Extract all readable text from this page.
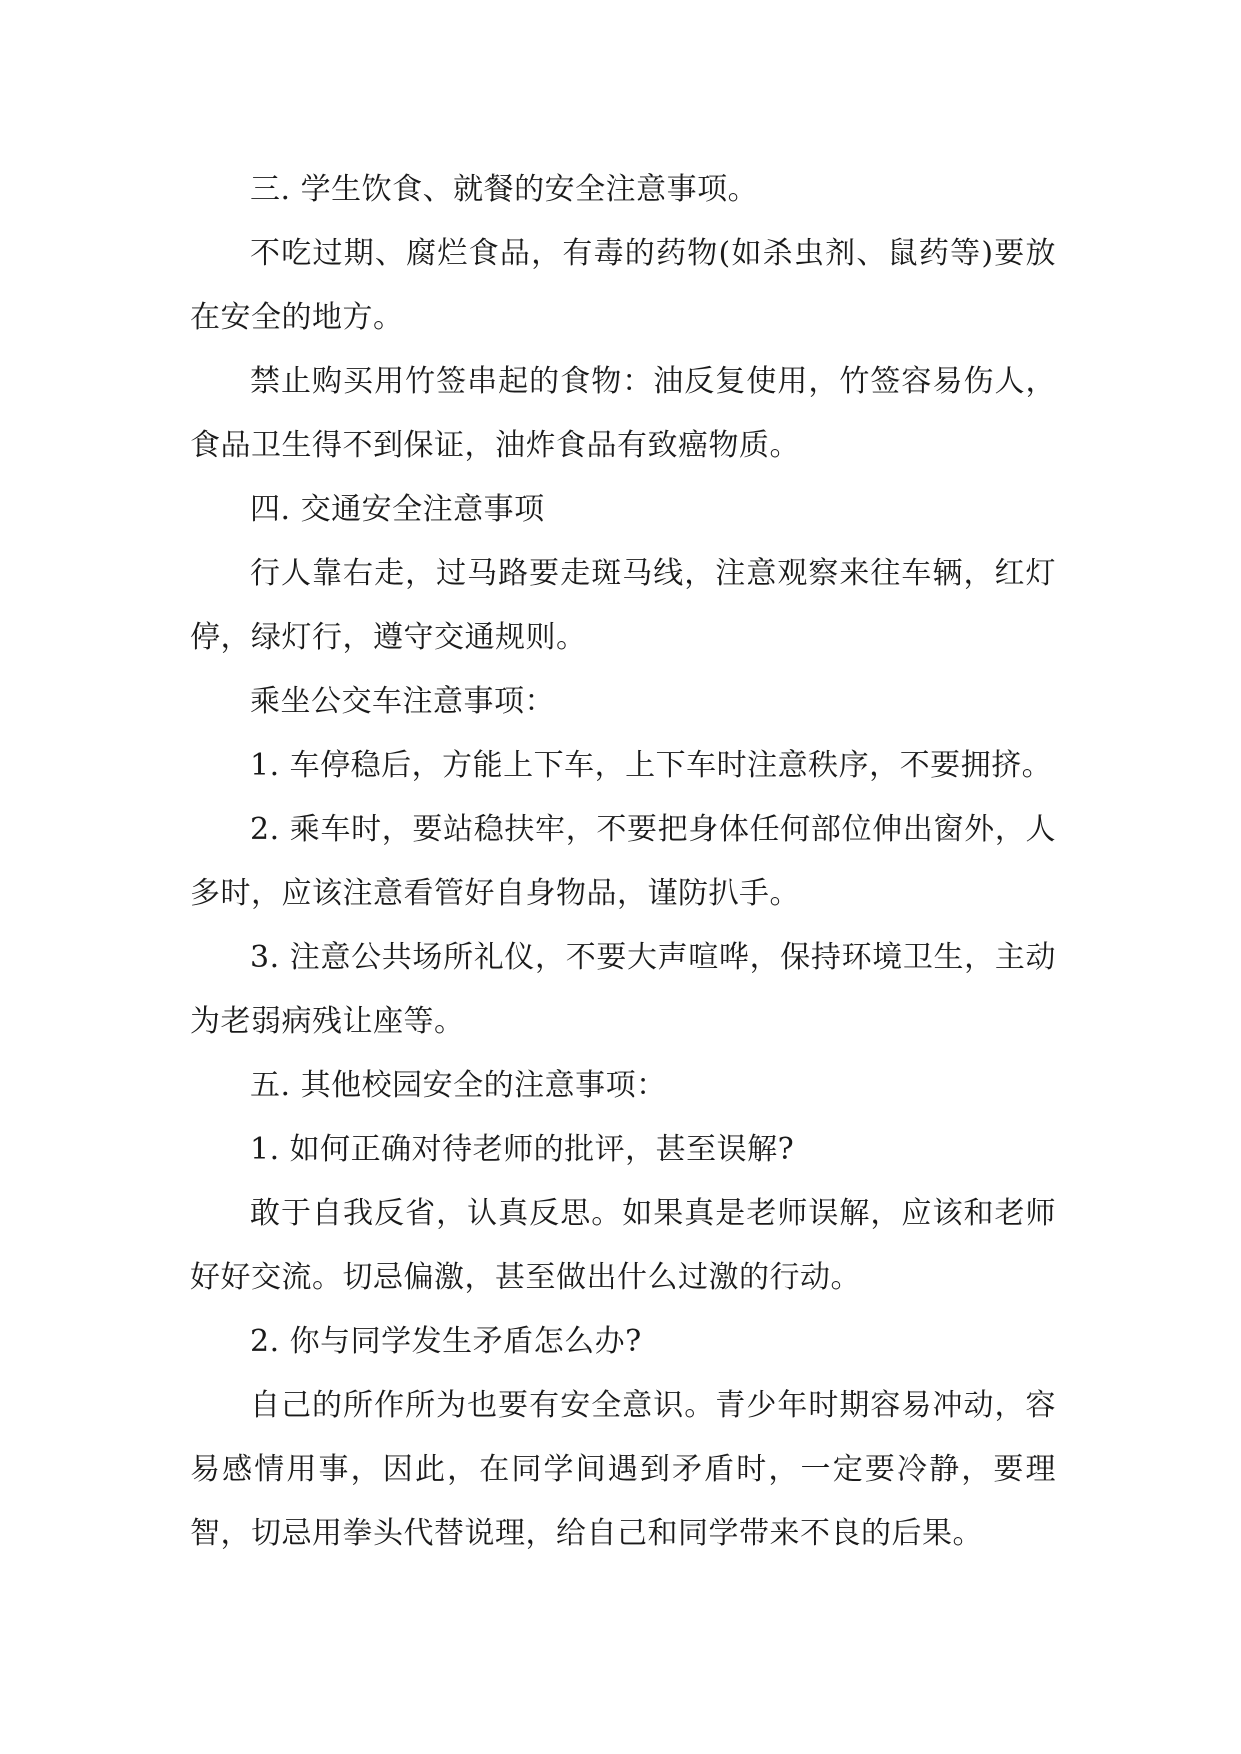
三. 学生饮食、就餐的安全注意事项。

不吃过期、腐烂食品，有毒的药物(如杀虫剂、鼠药等)要放在安全的地方。

禁止购买用竹签串起的食物：油反复使用，竹签容易伤人，食品卫生得不到保证，油炸食品有致癌物质。

四. 交通安全注意事项

行人靠右走，过马路要走斑马线，注意观察来往车辆，红灯停，绿灯行，遵守交通规则。

乘坐公交车注意事项：

1. 车停稳后，方能上下车，上下车时注意秩序，不要拥挤。

2. 乘车时，要站稳扶牢，不要把身体任何部位伸出窗外，人多时，应该注意看管好自身物品，谨防扒手。

3. 注意公共场所礼仪，不要大声喧哗，保持环境卫生，主动为老弱病残让座等。

五. 其他校园安全的注意事项：

1. 如何正确对待老师的批评，甚至误解?

敢于自我反省，认真反思。如果真是老师误解，应该和老师好好交流。切忌偏激，甚至做出什么过激的行动。

2. 你与同学发生矛盾怎么办?

自己的所作所为也要有安全意识。青少年时期容易冲动，容易感情用事，因此，在同学间遇到矛盾时，一定要冷静，要理智，切忌用拳头代替说理，给自己和同学带来不良的后果。
